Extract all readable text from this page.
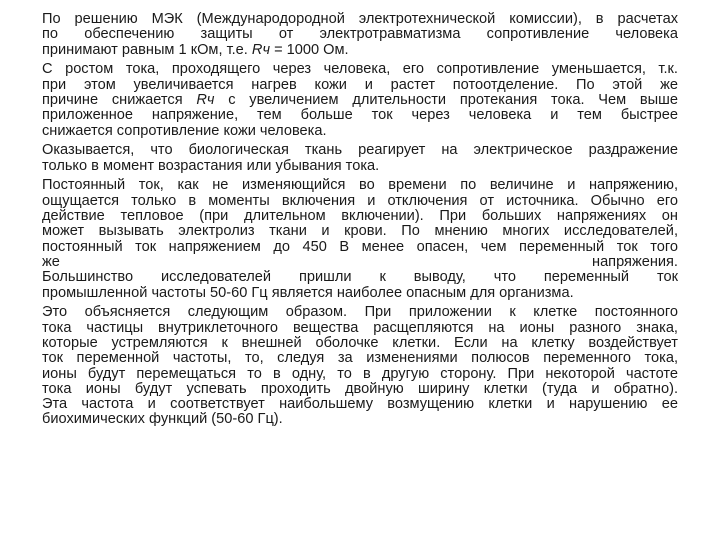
По решению МЭК (Международородной электротехнической комиссии), в расчетах
по обеспечению защиты от электротравматизма сопротивление человека
принимают равным 1 кОм, т.е. Rч = 1000 Ом.
С ростом тока, проходящего через человека, его сопротивление уменьшается, т.к.
при этом увеличивается нагрев кожи и растет потоотделение. По этой же
причине снижается Rч с увеличением длительности протекания тока. Чем выше
приложенное напряжение, тем больше ток через человека и тем быстрее
снижается сопротивление кожи человека.
Оказывается, что биологическая ткань реагирует на электрическое раздражение
только в момент возрастания или убывания тока.
Постоянный ток, как не изменяющийся во времени по величине и напряжению,
ощущается только в моменты включения и отключения от источника. Обычно его
действие тепловое (при длительном включении). При больших напряжениях он
может вызывать электролиз ткани и крови. По мнению многих исследователей,
постоянный ток напряжением до 450 В менее опасен, чем переменный ток того
же напряжения.
Большинство исследователей пришли к выводу, что переменный ток
промышленной частоты 50-60 Гц является наиболее опасным для организма.
Это объясняется следующим образом. При приложении к клетке постоянного
тока частицы внутриклеточного вещества расщепляются на ионы разного знака,
которые устремляются к внешней оболочке клетки. Если на клетку воздействует
ток переменной частоты, то, следуя за изменениями полюсов переменного тока,
ионы будут перемещаться то в одну, то в другую сторону. При некоторой частоте
тока ионы будут успевать проходить двойную ширину клетки (туда и обратно).
Эта частота и соответствует наибольшему возмущению клетки и нарушению ее
биохимических функций (50-60 Гц).
